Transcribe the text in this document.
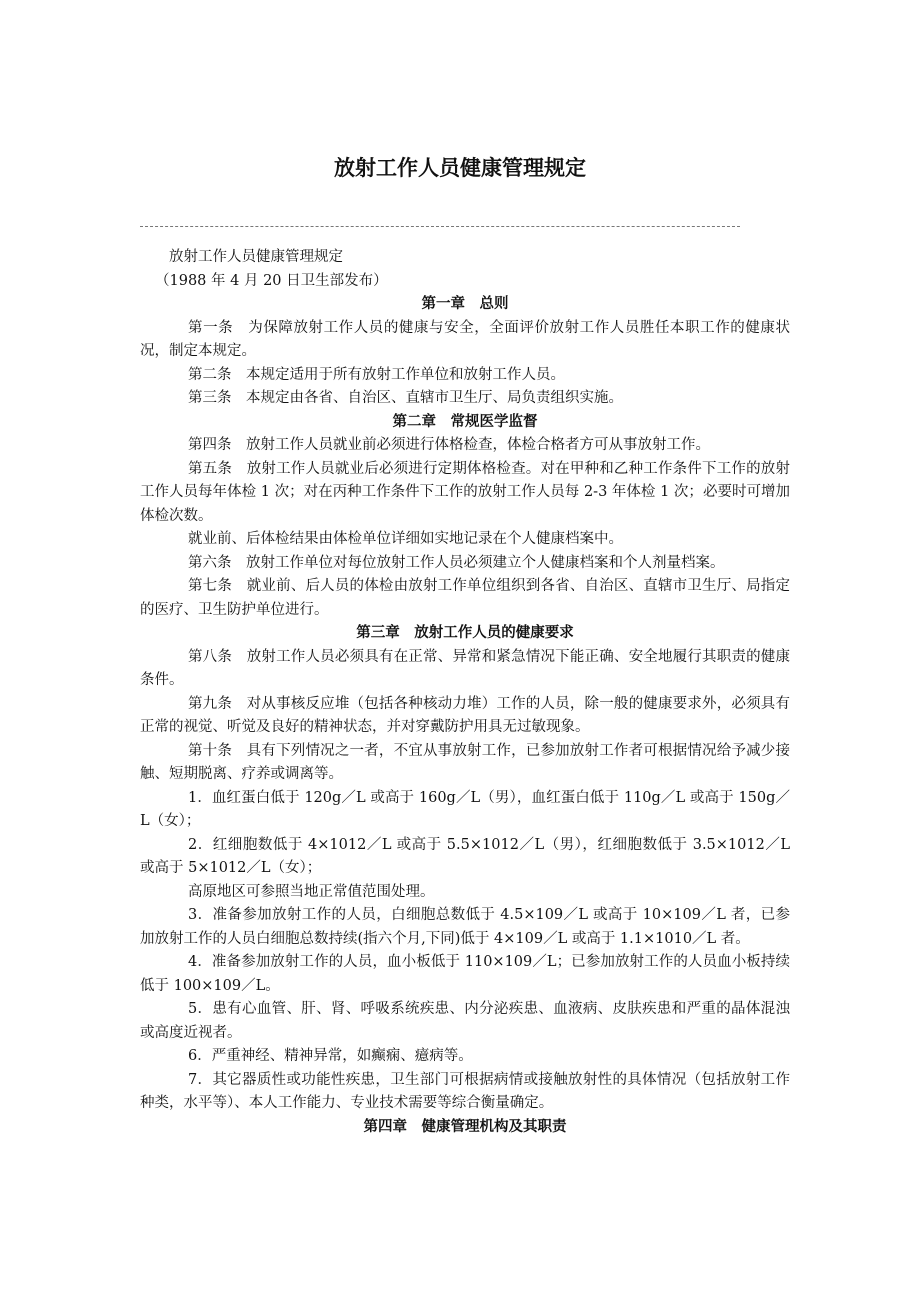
放射工作人员健康管理规定

放射工作人员健康管理规定

（1988 年 4 月 20 日卫生部发布）

第一章　总则

第一条　为保障放射工作人员的健康与安全，全面评价放射工作人员胜任本职工作的健康状况，制定本规定。

第二条　本规定适用于所有放射工作单位和放射工作人员。

第三条　本规定由各省、自治区、直辖市卫生厅、局负责组织实施。

第二章　常规医学监督

第四条　放射工作人员就业前必须进行体格检查，体检合格者方可从事放射工作。

第五条　放射工作人员就业后必须进行定期体格检查。对在甲种和乙种工作条件下工作的放射工作人员每年体检 1 次；对在丙种工作条件下工作的放射工作人员每 2-3 年体检 1 次；必要时可增加体检次数。

就业前、后体检结果由体检单位详细如实地记录在个人健康档案中。

第六条　放射工作单位对每位放射工作人员必须建立个人健康档案和个人剂量档案。

第七条　就业前、后人员的体检由放射工作单位组织到各省、自治区、直辖市卫生厅、局指定的医疗、卫生防护单位进行。

第三章　放射工作人员的健康要求

第八条　放射工作人员必须具有在正常、异常和紧急情况下能正确、安全地履行其职责的健康条件。

第九条　对从事核反应堆（包括各种核动力堆）工作的人员，除一般的健康要求外，必须具有正常的视觉、听觉及良好的精神状态，并对穿戴防护用具无过敏现象。

第十条　具有下列情况之一者，不宜从事放射工作，已参加放射工作者可根据情况给予减少接触、短期脱离、疗养或调离等。

1．血红蛋白低于 120g／L 或高于 160g／L（男），血红蛋白低于 110g／L 或高于 150g／L（女）；

2．红细胞数低于 4×1012／L 或高于 5.5×1012／L（男），红细胞数低于 3.5×1012／L 或高于 5×1012／L（女）；

高原地区可参照当地正常值范围处理。

3．准备参加放射工作的人员，白细胞总数低于 4.5×109／L 或高于 10×109／L 者，已参加放射工作的人员白细胞总数持续(指六个月,下同)低于 4×109／L 或高于 1.1×1010／L 者。

4．准备参加放射工作的人员，血小板低于 110×109／L；已参加放射工作的人员血小板持续低于 100×109／L。

5．患有心血管、肝、肾、呼吸系统疾患、内分泌疾患、血液病、皮肤疾患和严重的晶体混浊或高度近视者。

6．严重神经、精神异常，如癫痫、癔病等。

7．其它器质性或功能性疾患，卫生部门可根据病情或接触放射性的具体情况（包括放射工作种类，水平等）、本人工作能力、专业技术需要等综合衡量确定。

第四章　健康管理机构及其职责
